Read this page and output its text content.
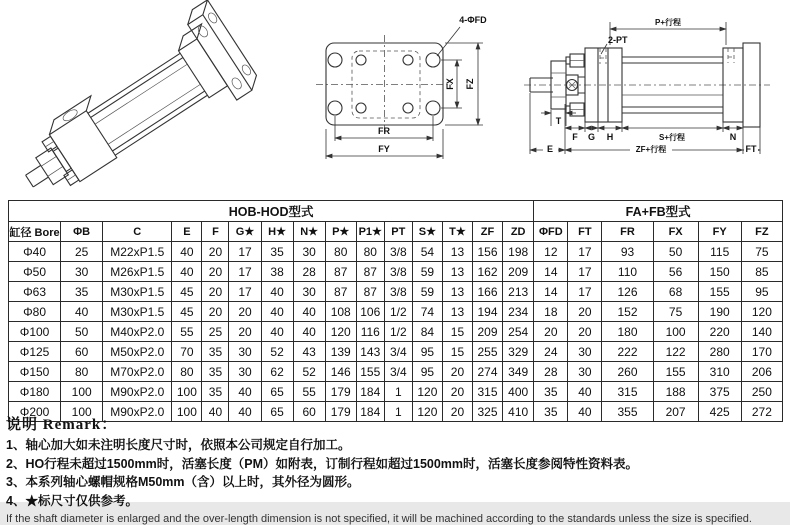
4-ΦFD
FZ
FX
FR
FY
P+行程
2-PT
T
F G H	S+行程	N
E	ZF+行程	FT
HOB-HOD型式															FA+FB型式					
缸径 Bore	ΦB	C	E	F	G★	H★	N★	P★	P1★	PT	S★	T★	ZF	ZD	ΦFD	FT	FR	FX	FY	FZ
Φ40	25	M22xP1.5	40	20	17	35	30	80	80	3/8	54	13	156	198	12	17	93	50	115	75
Φ50	30	M26xP1.5	40	20	17	38	28	87	87	3/8	59	13	162	209	14	17	110	56	150	85
Φ63	35	M30xP1.5	45	20	17	40	30	87	87	3/8	59	13	166	213	14	17	126	68	155	95
Φ80	40	M30xP1.5	45	20	20	40	40	108	106	1/2	74	13	194	234	18	20	152	75	190	120
Φ100	50	M40xP2.0	55	25	20	40	40	120	116	1/2	84	15	209	254	20	20	180	100	220	140
Φ125	60	M50xP2.0	70	35	30	52	43	139	143	3/4	95	15	255	329	24	30	222	122	280	170
Φ150	80	M70xP2.0	80	35	30	62	52	146	155	3/4	95	20	274	349	28	30	260	155	310	206
Φ180	100	M90xP2.0	100	35	40	65	55	179	184	1	120	20	315	400	35	40	315	188	375	250
Φ200	100	M90xP2.0	100	40	40	65	60	179	184	1	120	20	325	410	35	40	355	207	425	272

说明 Remark：

1、轴心加大如未注明长度尺寸时，依照本公司规定自行加工。

2、HO行程未超过1500mm时，活塞长度（PM）如附表，订制行程如超过1500mm时，活塞长度参阅特性资料表。

3、本系列轴心螺帽规格M50mm（含）以上时，其外径为圆形。

4、★标尺寸仅供参考。

If the shaft diameter is enlarged and the over-length dimension is not specified, it will be machined according to the standards unless the size is specified.
